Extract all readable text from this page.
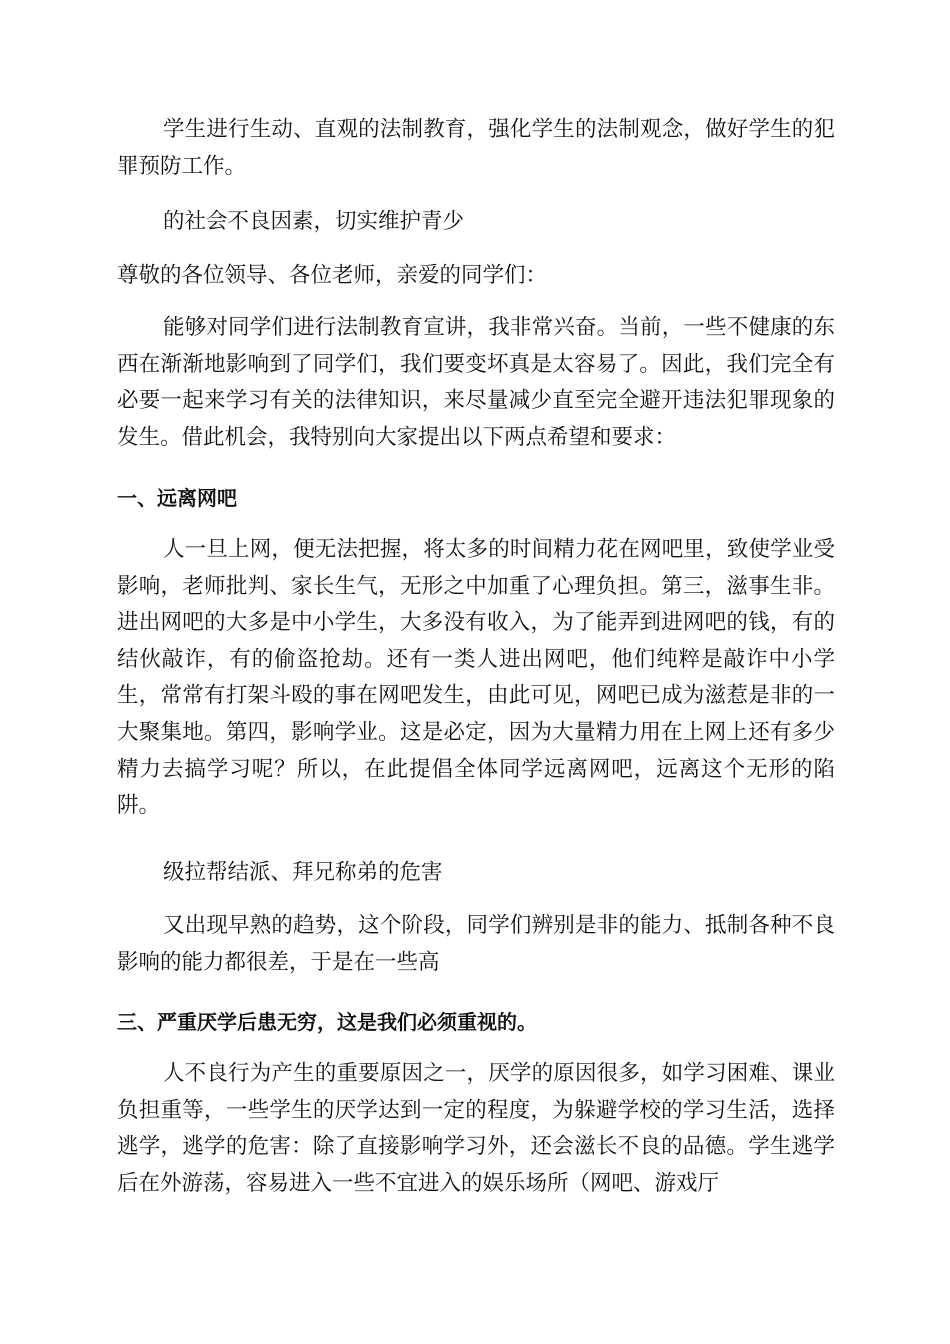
学生进行生动、直观的法制教育，强化学生的法制观念，做好学生的犯罪预防工作。

的社会不良因素，切实维护青少

尊敬的各位领导、各位老师，亲爱的同学们：

能够对同学们进行法制教育宣讲，我非常兴奋。当前，一些不健康的东西在渐渐地影响到了同学们，我们要变坏真是太容易了。因此，我们完全有必要一起来学习有关的法律知识，来尽量减少直至完全避开违法犯罪现象的发生。借此机会，我特别向大家提出以下两点希望和要求：

一、远离网吧

人一旦上网，便无法把握，将太多的时间精力花在网吧里，致使学业受影响，老师批判、家长生气，无形之中加重了心理负担。第三，滋事生非。进出网吧的大多是中小学生，大多没有收入，为了能弄到进网吧的钱，有的结伙敲诈，有的偷盗抢劫。还有一类人进出网吧，他们纯粹是敲诈中小学生，常常有打架斗殴的事在网吧发生，由此可见，网吧已成为滋惹是非的一大聚集地。第四，影响学业。这是必定，因为大量精力用在上网上还有多少精力去搞学习呢？所以，在此提倡全体同学远离网吧，远离这个无形的陷阱。

级拉帮结派、拜兄称弟的危害

又出现早熟的趋势，这个阶段，同学们辨别是非的能力、抵制各种不良影响的能力都很差，于是在一些高

三、严重厌学后患无穷，这是我们必须重视的。

人不良行为产生的重要原因之一，厌学的原因很多，如学习困难、课业负担重等，一些学生的厌学达到一定的程度，为躲避学校的学习生活，选择逃学，逃学的危害：除了直接影响学习外，还会滋长不良的品德。学生逃学后在外游荡，容易进入一些不宜进入的娱乐场所（网吧、游戏厅
